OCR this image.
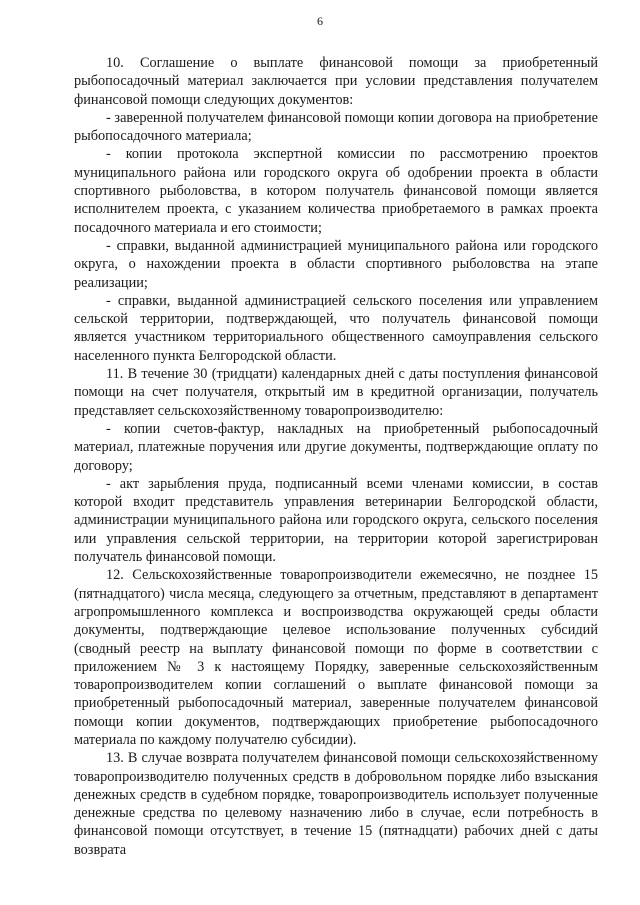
6

10. Соглашение о выплате финансовой помощи за приобретенный рыбопосадочный материал заключается при условии представления получателем финансовой помощи следующих документов:

- заверенной получателем финансовой помощи копии договора на приобретение рыбопосадочного материала;

- копии протокола экспертной комиссии по рассмотрению проектов муниципального района или городского округа об одобрении проекта в области спортивного рыболовства, в котором получатель финансовой помощи является исполнителем проекта, с указанием количества приобретаемого в рамках проекта посадочного материала и его стоимости;

- справки, выданной администрацией муниципального района или городского округа, о нахождении проекта в области спортивного рыболовства на этапе реализации;

- справки, выданной администрацией сельского поселения или управлением сельской территории, подтверждающей, что получатель финансовой помощи является участником территориального общественного самоуправления сельского населенного пункта Белгородской области.

11. В течение 30 (тридцати) календарных дней с даты поступления финансовой помощи на счет получателя, открытый им в кредитной организации, получатель представляет сельскохозяйственному товаропроизводителю:

- копии счетов-фактур, накладных на приобретенный рыбопосадочный материал, платежные поручения или другие документы, подтверждающие оплату по договору;

- акт зарыбления пруда, подписанный всеми членами комиссии, в состав которой входит представитель управления ветеринарии Белгородской области, администрации муниципального района или городского округа, сельского поселения или управления сельской территории, на территории которой зарегистрирован получатель финансовой помощи.

12. Сельскохозяйственные товаропроизводители ежемесячно, не позднее 15 (пятнадцатого) числа месяца, следующего за отчетным, представляют в департамент агропромышленного комплекса и воспроизводства окружающей среды области документы, подтверждающие целевое использование полученных субсидий (сводный реестр на выплату финансовой помощи по форме в соответствии с приложением № 3 к настоящему Порядку, заверенные сельскохозяйственным товаропроизводителем копии соглашений о выплате финансовой помощи за приобретенный рыбопосадочный материал, заверенные получателем финансовой помощи копии документов, подтверждающих приобретение рыбопосадочного материала по каждому получателю субсидии).

13. В случае возврата получателем финансовой помощи сельскохозяйственному товаропроизводителю полученных средств в добровольном порядке либо взыскания денежных средств в судебном порядке, товаропроизводитель использует полученные денежные средства по целевому назначению либо в случае, если потребность в финансовой помощи отсутствует, в течение 15 (пятнадцати) рабочих дней с даты возврата
